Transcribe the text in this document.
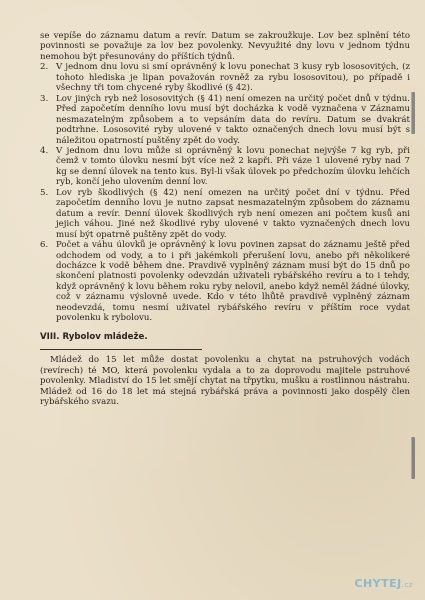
se vepíše do záznamu datum a revír. Datum se zakroužkuje. Lov bez splnění této povinnosti se považuje za lov bez povolenky. Nevyužité dny lovu v jednom týdnu nemohou být přesunovány do příštích týdnů.

2. V jednom dnu lovu si smí oprávněný k lovu ponechat 3 kusy ryb lososovitých, (z tohoto hlediska je lipan považován rovněž za rybu lososovitou), po případě i všechny tři tom chycené ryby škodlivé (§ 42).
3. Lov jiných ryb než lososovitých (§ 41) není omezen na určitý počet dnů v týdnu. Před započetím denního lovu musí být docházka k vodě vyznačena v Záznamu nesmazatelným způsobem a to vepsáním data do revíru. Datum se dvakrát podtrhne. Lososovité ryby ulovené v takto označených dnech lovu musí být s náležitou opatrností puštěny zpět do vody.
4. V jednom dnu lovu může si oprávněný k lovu ponechat nejvýše 7 kg ryb, při čemž v tomto úlovku nesmí být více než 2 kapři. Při váze 1 ulovené ryby nad 7 kg se denní úlovek na tento kus. Byl-li však úlovek po předchozím úlovku lehčích ryb, končí jeho ulovením denní lov.
5. Lov ryb škodlivých (§ 42) není omezen na určitý počet dní v týdnu. Před započetím denního lovu je nutno zapsat nesmazatelným způsobem do záznamu datum a revír. Denní úlovek škodlivých ryb není omezen ani počtem kusů ani jejich váhou. Jiné než škodlivé ryby ulovené v takto vyznačených dnech lovu musí být opatrně puštěny zpět do vody.
6. Počet a váhu úlovků je oprávněný k lovu povinen zapsat do záznamu ještě před odchodem od vody, a to i při jakémkoli přerušení lovu, anebo při několikeré docházce k vodě během dne. Pravdivě vyplněný záznam musí být do 15 dnů po skončení platnosti povolenky odevzdán uživateli rybářského revíru a to i tehdy, když oprávněný k lovu během roku ryby nelovil, anebo když neměl žádné úlovky, což v záznamu výslovně uvede. Kdo v této lhůtě pravdivě vyplněný záznam neodevzdá, tomu nesmí uživatel rybářského revíru v příštím roce vydat povolenku k rybolovu.

VIII. Rybolov mládeže.

Mládež do 15 let může dostat povolenku a chytat na pstruhových vodách (revírech) té MO, která povolenku vydala a to za doprovodu majitele pstruhové povolenky. Mladiství do 15 let smějí chytat na třpytku, mušku a rostlinnou nástrahu. Mládež od 16 do 18 let má stejná rybářská práva a povinnosti jako dospělý člen rybářského svazu.

CHYTEJ.cz
